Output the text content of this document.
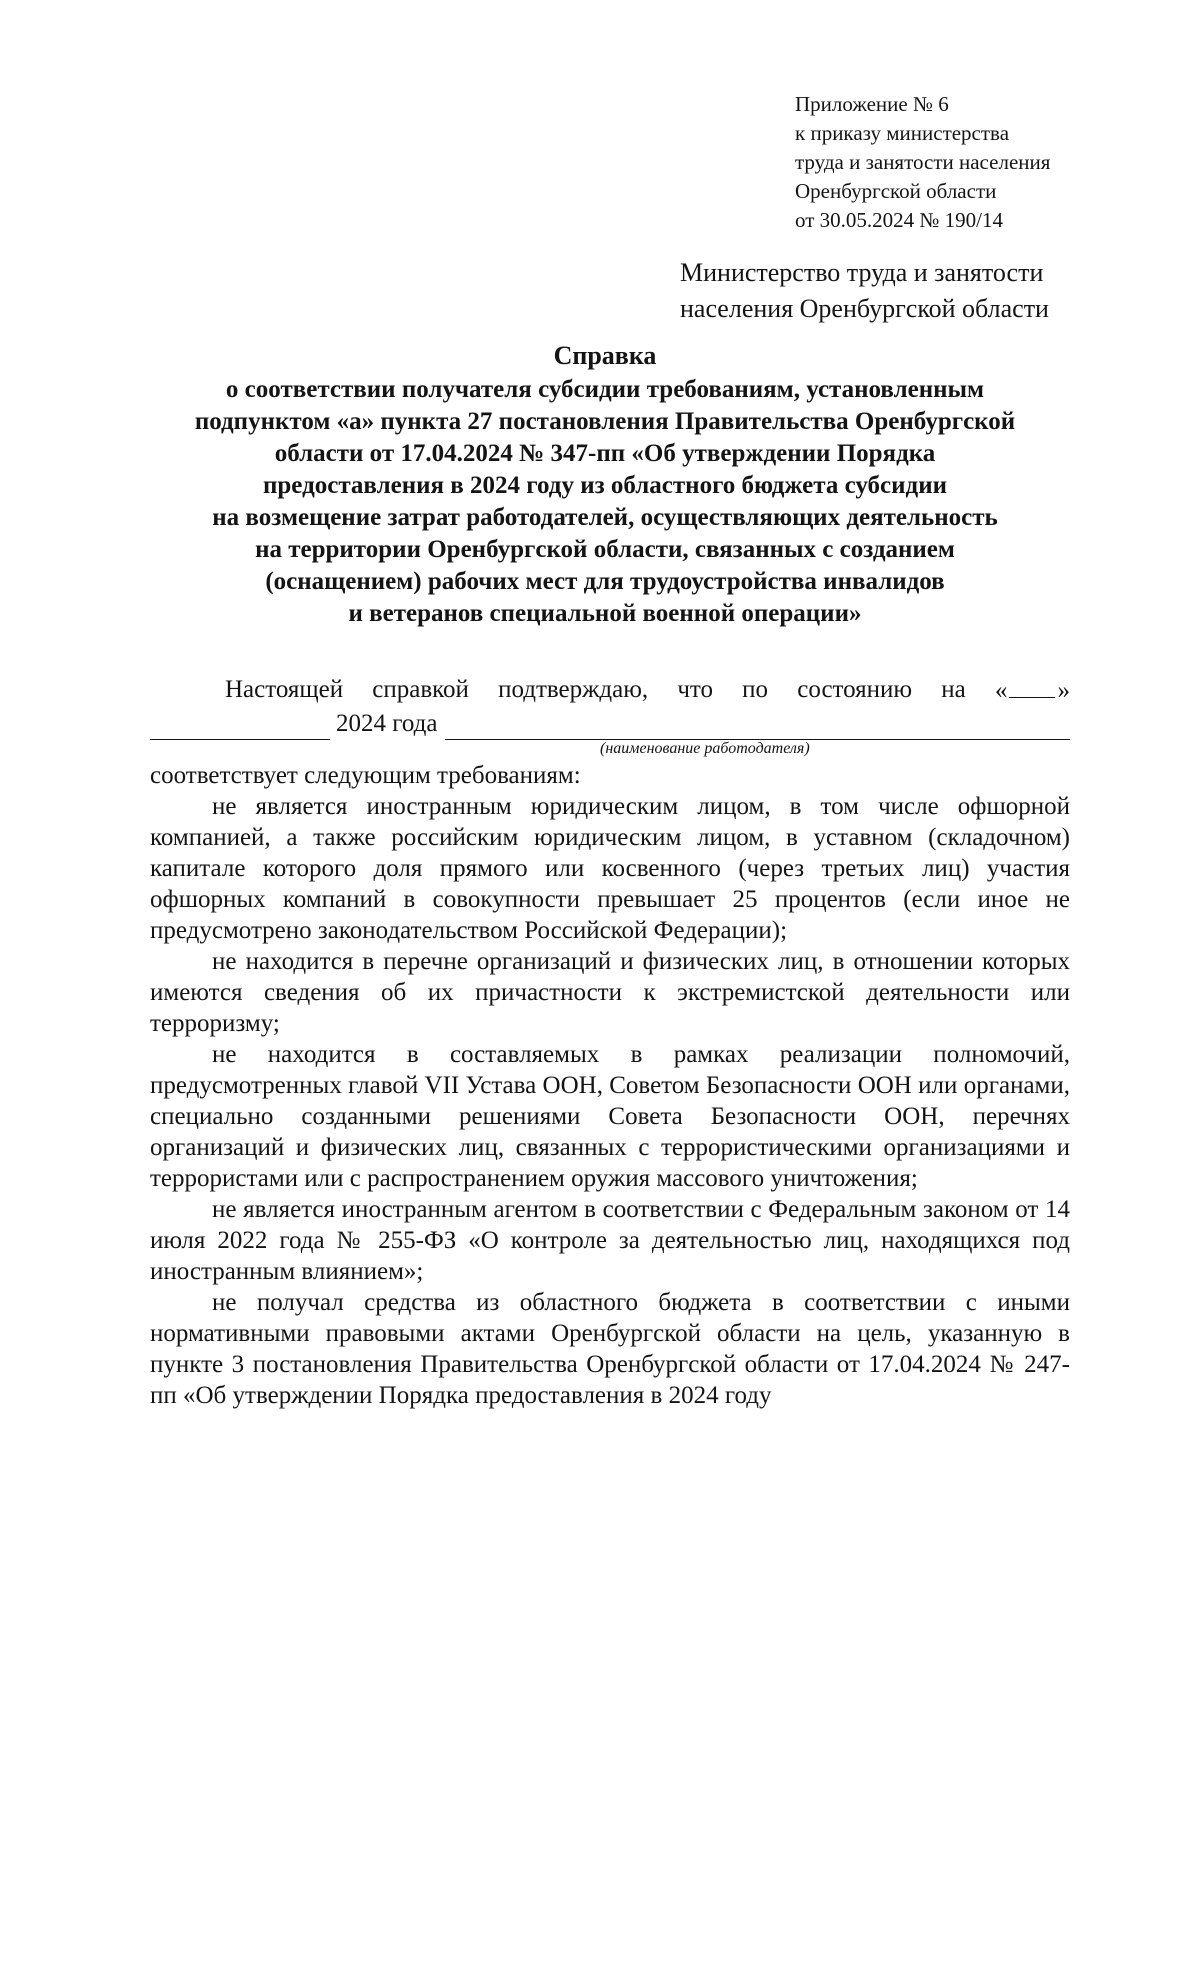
Приложение № 6
к приказу министерства
труда и занятости населения
Оренбургской области
от 30.05.2024 № 190/14
Министерство труда и занятости
населения Оренбургской области
Справка
о соответствии получателя субсидии требованиям, установленным
подпунктом «а» пункта 27 постановления Правительства Оренбургской
области от 17.04.2024 № 347-пп «Об утверждении Порядка
предоставления в 2024 году из областного бюджета субсидии
на возмещение затрат работодателей, осуществляющих деятельность
на территории Оренбургской области, связанных с созданием
(оснащением) рабочих мест для трудоустройства инвалидов
и ветеранов специальной военной операции»
Настоящей справкой подтверждаю, что по состоянию на « »
2024 года
(наименование работодателя)

соответствует следующим требованиям:

не является иностранным юридическим лицом, в том числе офшорной компанией, а также российским юридическим лицом, в уставном (складочном) капитале которого доля прямого или косвенного (через третьих лиц) участия офшорных компаний в совокупности превышает 25 процентов (если иное не предусмотрено законодательством Российской Федерации);

не находится в перечне организаций и физических лиц, в отношении которых имеются сведения об их причастности к экстремистской деятельности или терроризму;

не находится в составляемых в рамках реализации полномочий, предусмотренных главой VII Устава ООН, Советом Безопасности ООН или органами, специально созданными решениями Совета Безопасности ООН, перечнях организаций и физических лиц, связанных с террористическими организациями и террористами или с распространением оружия массового уничтожения;

не является иностранным агентом в соответствии с Федеральным законом от 14 июля 2022 года № 255-ФЗ «О контроле за деятельностью лиц, находящихся под иностранным влиянием»;

не получал средства из областного бюджета в соответствии с иными нормативными правовыми актами Оренбургской области на цель, указанную в пункте 3 постановления Правительства Оренбургской области от 17.04.2024 № 247-пп «Об утверждении Порядка предоставления в 2024 году
